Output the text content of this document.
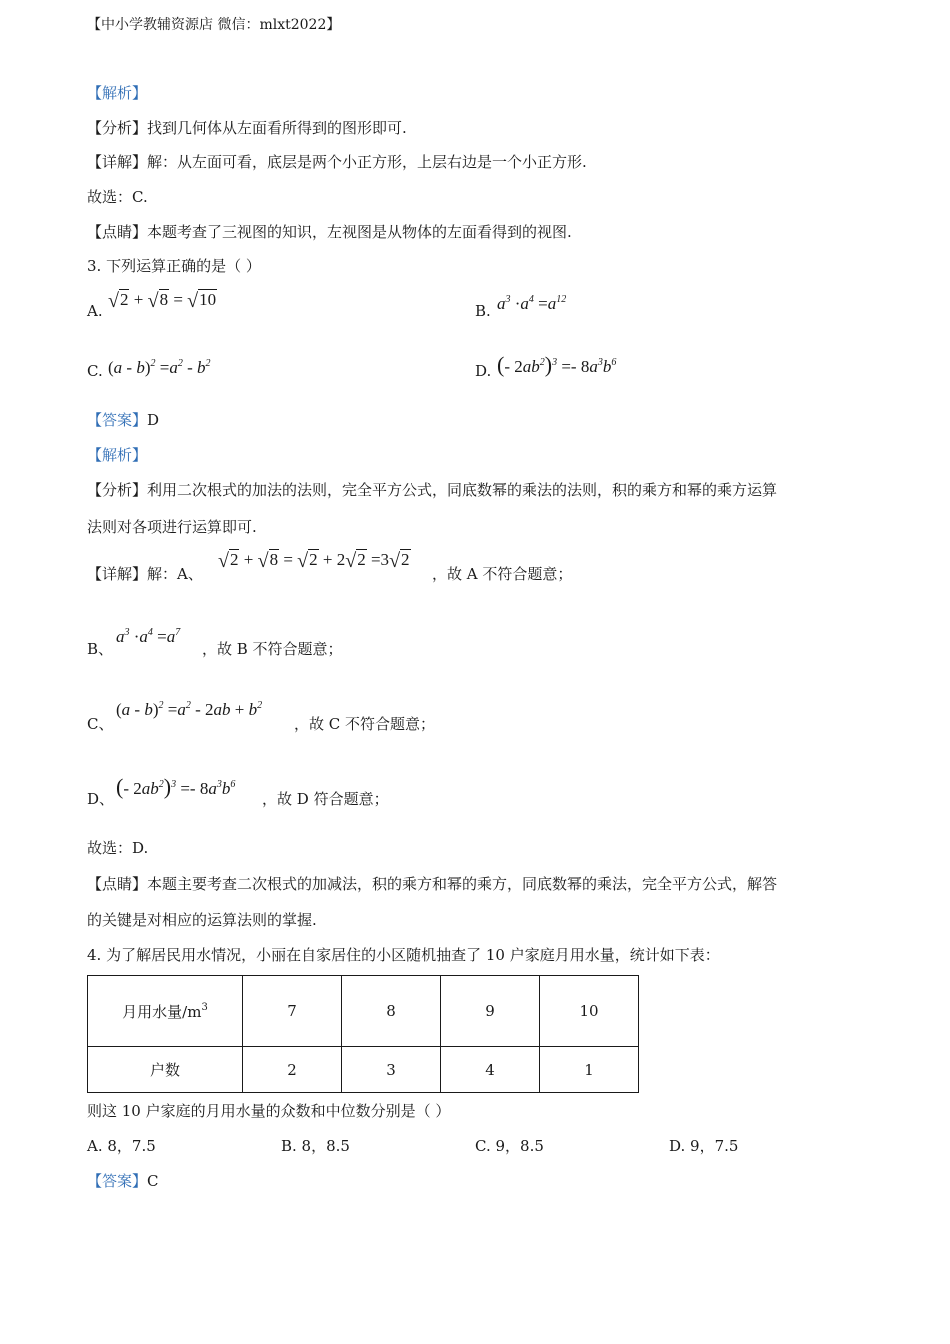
【中小学教辅资源店 微信：mlxt2022】
【解析】
【分析】找到几何体从左面看所得到的图形即可.
【详解】解：从左面可看，底层是两个小正方形，上层右边是一个小正方形.
故选：C.
【点睛】本题考查了三视图的知识，左视图是从物体的左面看得到的视图.
3. 下列运算正确的是（ ）
A. √2 + √8 = √10
B. $a^3 \cdot a^4 =a^{12}$
C. $(a - b)^2 =a^2 - b^2$	D. (- $2ab^2)^3 =- 8a^3b^6$
【答案】D
【解析】
【分析】利用二次根式的加法的法则，完全平方公式，同底数幂的乘法的法则，积的乘方和幂的乘方运算
法则对各项进行运算即可.
【详解】解：A、
√2 + √8 = √2 + 2√2 =3√2
，故 A 不符合题意；
B、
$a^3 \cdot a^4 =a^7$
，故 B 不符合题意；
C、
$(a - b)^2 =a^2 - 2ab + b^2$
，故 C 不符合题意；
D、 (- $2ab^2)^3 =- 8a^3b^6$
，故 D 符合题意；
故选：D.
【点睛】本题主要考查二次根式的加减法，积的乘方和幂的乘方，同底数幂的乘法，完全平方公式，解答
的关键是对相应的运算法则的掌握.
4. 为了解居民用水情况，小丽在自家居住的小区随机抽查了 10 户家庭月用水量，统计如下表：
月用水量$/m^3$	7	8	9	10
户数	2	3	4	1
则这 10 户家庭的月用水量的众数和中位数分别是（ ）
A. 8，7.5	B. 8，8.5	C. 9，8.5	D. 9，7.5
【答案】C
